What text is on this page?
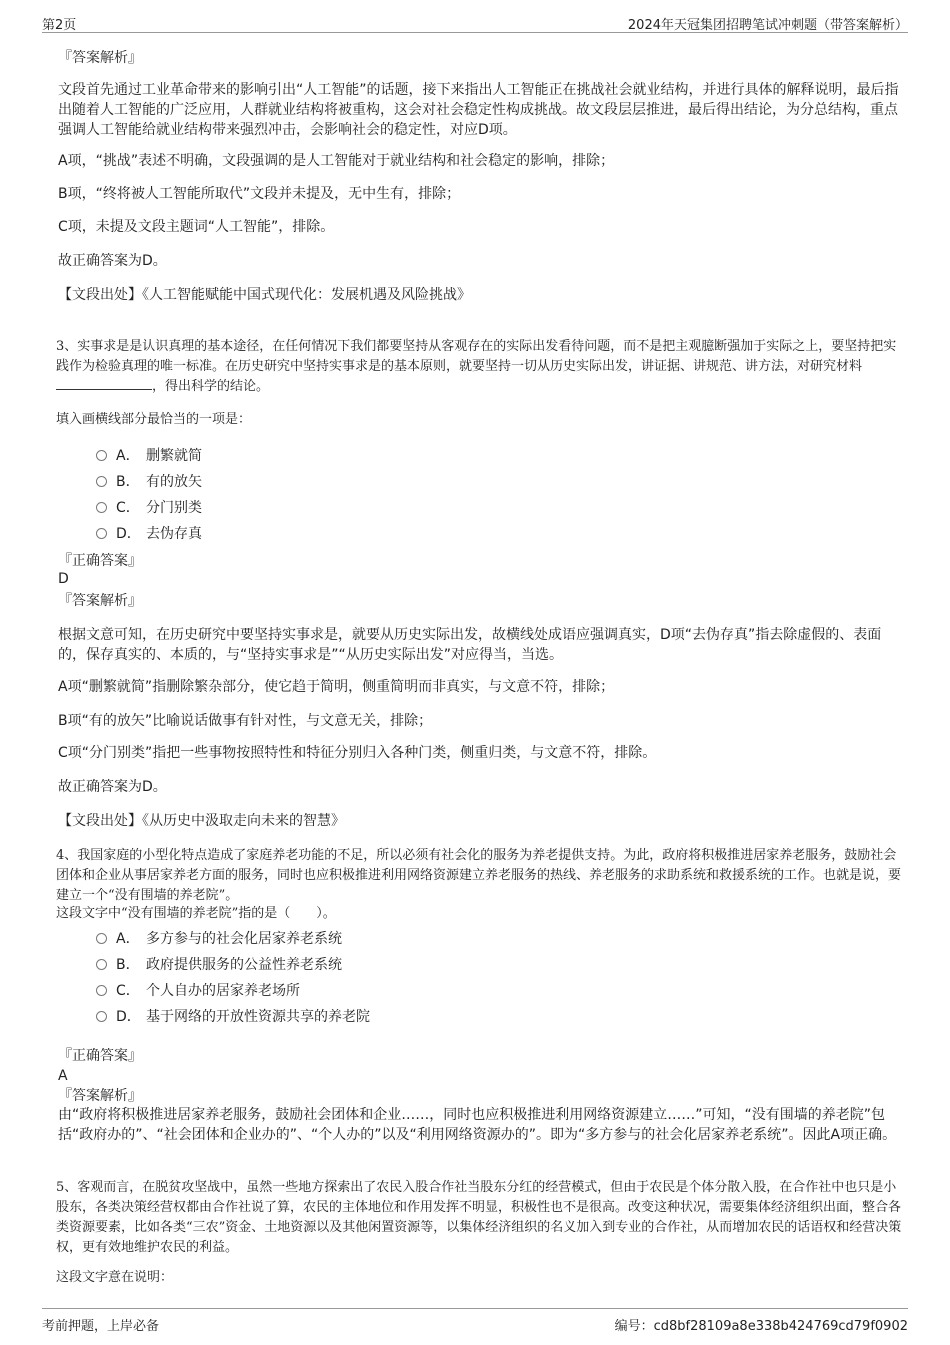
第2页	2024年天冠集团招聘笔试冲刺题（带答案解析）
『答案解析』
文段首先通过工业革命带来的影响引出“人工智能”的话题，接下来指出人工智能正在挑战社会就业结构，并进行具体的解释说明，最后指出随着人工智能的广泛应用，人群就业结构将被重构，这会对社会稳定性构成挑战。故文段层层推进，最后得出结论，为分总结构，重点强调人工智能给就业结构带来强烈冲击，会影响社会的稳定性，对应D项。
A项，“挑战”表述不明确，文段强调的是人工智能对于就业结构和社会稳定的影响，排除；
B项，“终将被人工智能所取代”文段并未提及，无中生有，排除；
C项，未提及文段主题词“人工智能”，排除。
故正确答案为D。
【文段出处】《人工智能赋能中国式现代化：发展机遇及风险挑战》
3、实事求是是认识真理的基本途径，在任何情况下我们都要坚持从客观存在的实际出发看待问题，而不是把主观臆断强加于实际之上，要坚持把实践作为检验真理的唯一标准。在历史研究中坚持实事求是的基本原则，就要坚持一切从历史实际出发，讲证据、讲规范、讲方法，对研究材料，得出科学的结论。
填入画横线部分最恰当的一项是：
A． 删繁就简
B． 有的放矢
C． 分门别类
D． 去伪存真
『正确答案』
D
『答案解析』
根据文意可知，在历史研究中要坚持实事求是，就要从历史实际出发，故横线处成语应强调真实，D项“去伪存真”指去除虚假的、表面的，保存真实的、本质的，与“坚持实事求是”“从历史实际出发”对应得当，当选。
A项“删繁就简”指删除繁杂部分，使它趋于简明，侧重简明而非真实，与文意不符，排除；
B项“有的放矢”比喻说话做事有针对性，与文意无关，排除；
C项“分门别类”指把一些事物按照特性和特征分别归入各种门类，侧重归类，与文意不符，排除。
故正确答案为D。
【文段出处】《从历史中汲取走向未来的智慧》
4、我国家庭的小型化特点造成了家庭养老功能的不足，所以必须有社会化的服务为养老提供支持。为此，政府将积极推进居家养老服务，鼓励社会团体和企业从事居家养老方面的服务，同时也应积极推进利用网络资源建立养老服务的热线、养老服务的求助系统和救援系统的工作。也就是说，要建立一个“没有围墙的养老院”。
这段文字中“没有围墙的养老院”指的是（　　）。
A． 多方参与的社会化居家养老系统
B． 政府提供服务的公益性养老系统
C． 个人自办的居家养老场所
D． 基于网络的开放性资源共享的养老院
『正确答案』
A
『答案解析』
由“政府将积极推进居家养老服务，鼓励社会团体和企业……，同时也应积极推进利用网络资源建立……”可知，“没有围墙的养老院”包括“政府办的”、“社会团体和企业办的”、“个人办的”以及“利用网络资源办的”。即为“多方参与的社会化居家养老系统”。因此A项正确。
5、客观而言，在脱贫攻坚战中，虽然一些地方探索出了农民入股合作社当股东分红的经营模式，但由于农民是个体分散入股，在合作社中也只是小股东，各类决策经营权都由合作社说了算，农民的主体地位和作用发挥不明显，积极性也不是很高。改变这种状况，需要集体经济组织出面，整合各类资源要素，比如各类“三农”资金、土地资源以及其他闲置资源等，以集体经济组织的名义加入到专业的合作社，从而增加农民的话语权和经营决策权，更有效地维护农民的利益。
这段文字意在说明：
考前押题，上岸必备	编号：cd8bf28109a8e338b424769cd79f0902
